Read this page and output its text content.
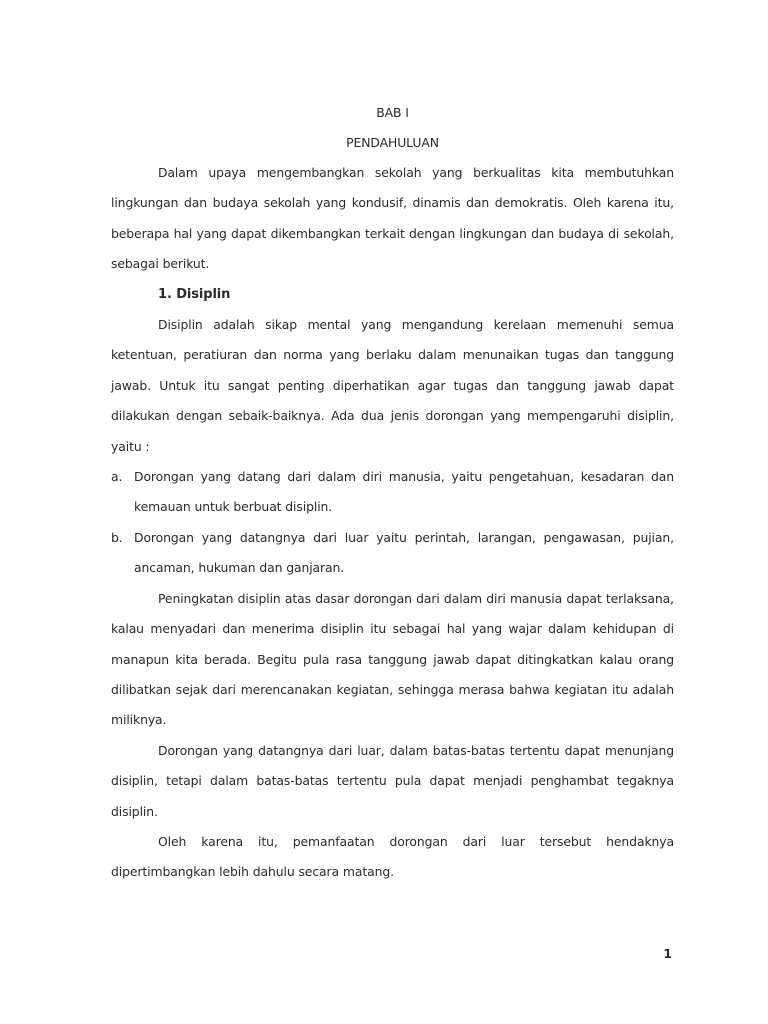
BAB I
PENDAHULUAN

Dalam upaya mengembangkan sekolah yang berkualitas kita membutuhkan lingkungan dan budaya sekolah yang kondusif, dinamis dan demokratis. Oleh karena itu, beberapa hal yang dapat dikembangkan terkait dengan lingkungan dan budaya di sekolah, sebagai berikut.

1. Disiplin

Disiplin adalah sikap mental yang mengandung kerelaan memenuhi semua ketentuan, peratiuran dan norma yang berlaku dalam menunaikan tugas dan tanggung jawab. Untuk itu sangat penting diperhatikan agar tugas dan tanggung jawab dapat dilakukan dengan sebaik-baiknya. Ada dua jenis dorongan yang mempengaruhi disiplin, yaitu :

a. Dorongan yang datang dari dalam diri manusia, yaitu pengetahuan, kesadaran dan kemauan untuk berbuat disiplin.
b. Dorongan yang datangnya dari luar yaitu perintah, larangan, pengawasan, pujian, ancaman, hukuman dan ganjaran.

Peningkatan disiplin atas dasar dorongan dari dalam diri manusia dapat terlaksana, kalau menyadari dan menerima disiplin itu sebagai hal yang wajar dalam kehidupan di manapun kita berada. Begitu pula rasa tanggung jawab dapat ditingkatkan kalau orang dilibatkan sejak dari merencanakan kegiatan, sehingga merasa bahwa kegiatan itu adalah miliknya.

Dorongan yang datangnya dari luar, dalam batas-batas tertentu dapat menunjang disiplin, tetapi dalam batas-batas tertentu pula dapat menjadi penghambat tegaknya disiplin.

Oleh karena itu, pemanfaatan dorongan dari luar tersebut hendaknya dipertimbangkan lebih dahulu secara matang.

1
